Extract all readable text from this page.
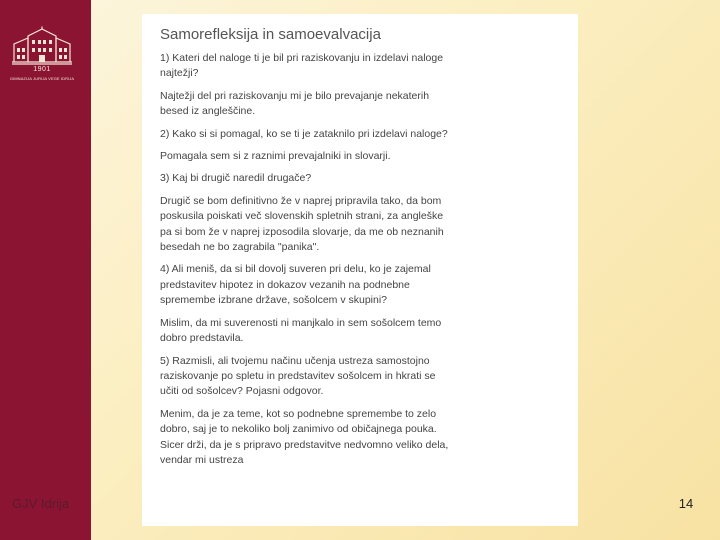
1901
GIMNAZIJA JURIJA VEGE IDRIJA
Samorefleksija in samoevalvacija

1) Kateri del naloge ti je bil pri raziskovanju in izdelavi naloge najtežji?

Najtežji del pri raziskovanju mi je bilo prevajanje nekaterih besed iz angleščine.

2) Kako si si pomagal, ko se ti je zataknilo pri izdelavi naloge?

Pomagala sem si z raznimi prevajalniki in slovarji.

3) Kaj bi drugič naredil drugače?

Drugič se bom definitivno že v naprej pripravila tako, da bom poskusila poiskati več slovenskih spletnih strani, za angleške pa si bom že v naprej izposodila slovarje, da me ob neznanih besedah ne bo zagrabila "panika".

4) Ali meniš, da si bil dovolj suveren pri delu, ko je zajemal predstavitev hipotez in dokazov vezanih na podnebne spremembe izbrane države, sošolcem v skupini?

Mislim, da mi suverenosti ni manjkalo in sem sošolcem temo dobro predstavila.

5) Razmisli, ali tvojemu načinu učenja ustreza samostojno raziskovanje po spletu in predstavitev sošolcem in hkrati se učiti od sošolcev? Pojasni odgovor.

Menim, da je za teme, kot so podnebne spremembe to zelo dobro, saj je to nekoliko bolj zanimivo od običajnega pouka. Sicer drži, da je s pripravo predstavitve nedvomno veliko dela, vendar mi ustreza

GJV Idrija	14
